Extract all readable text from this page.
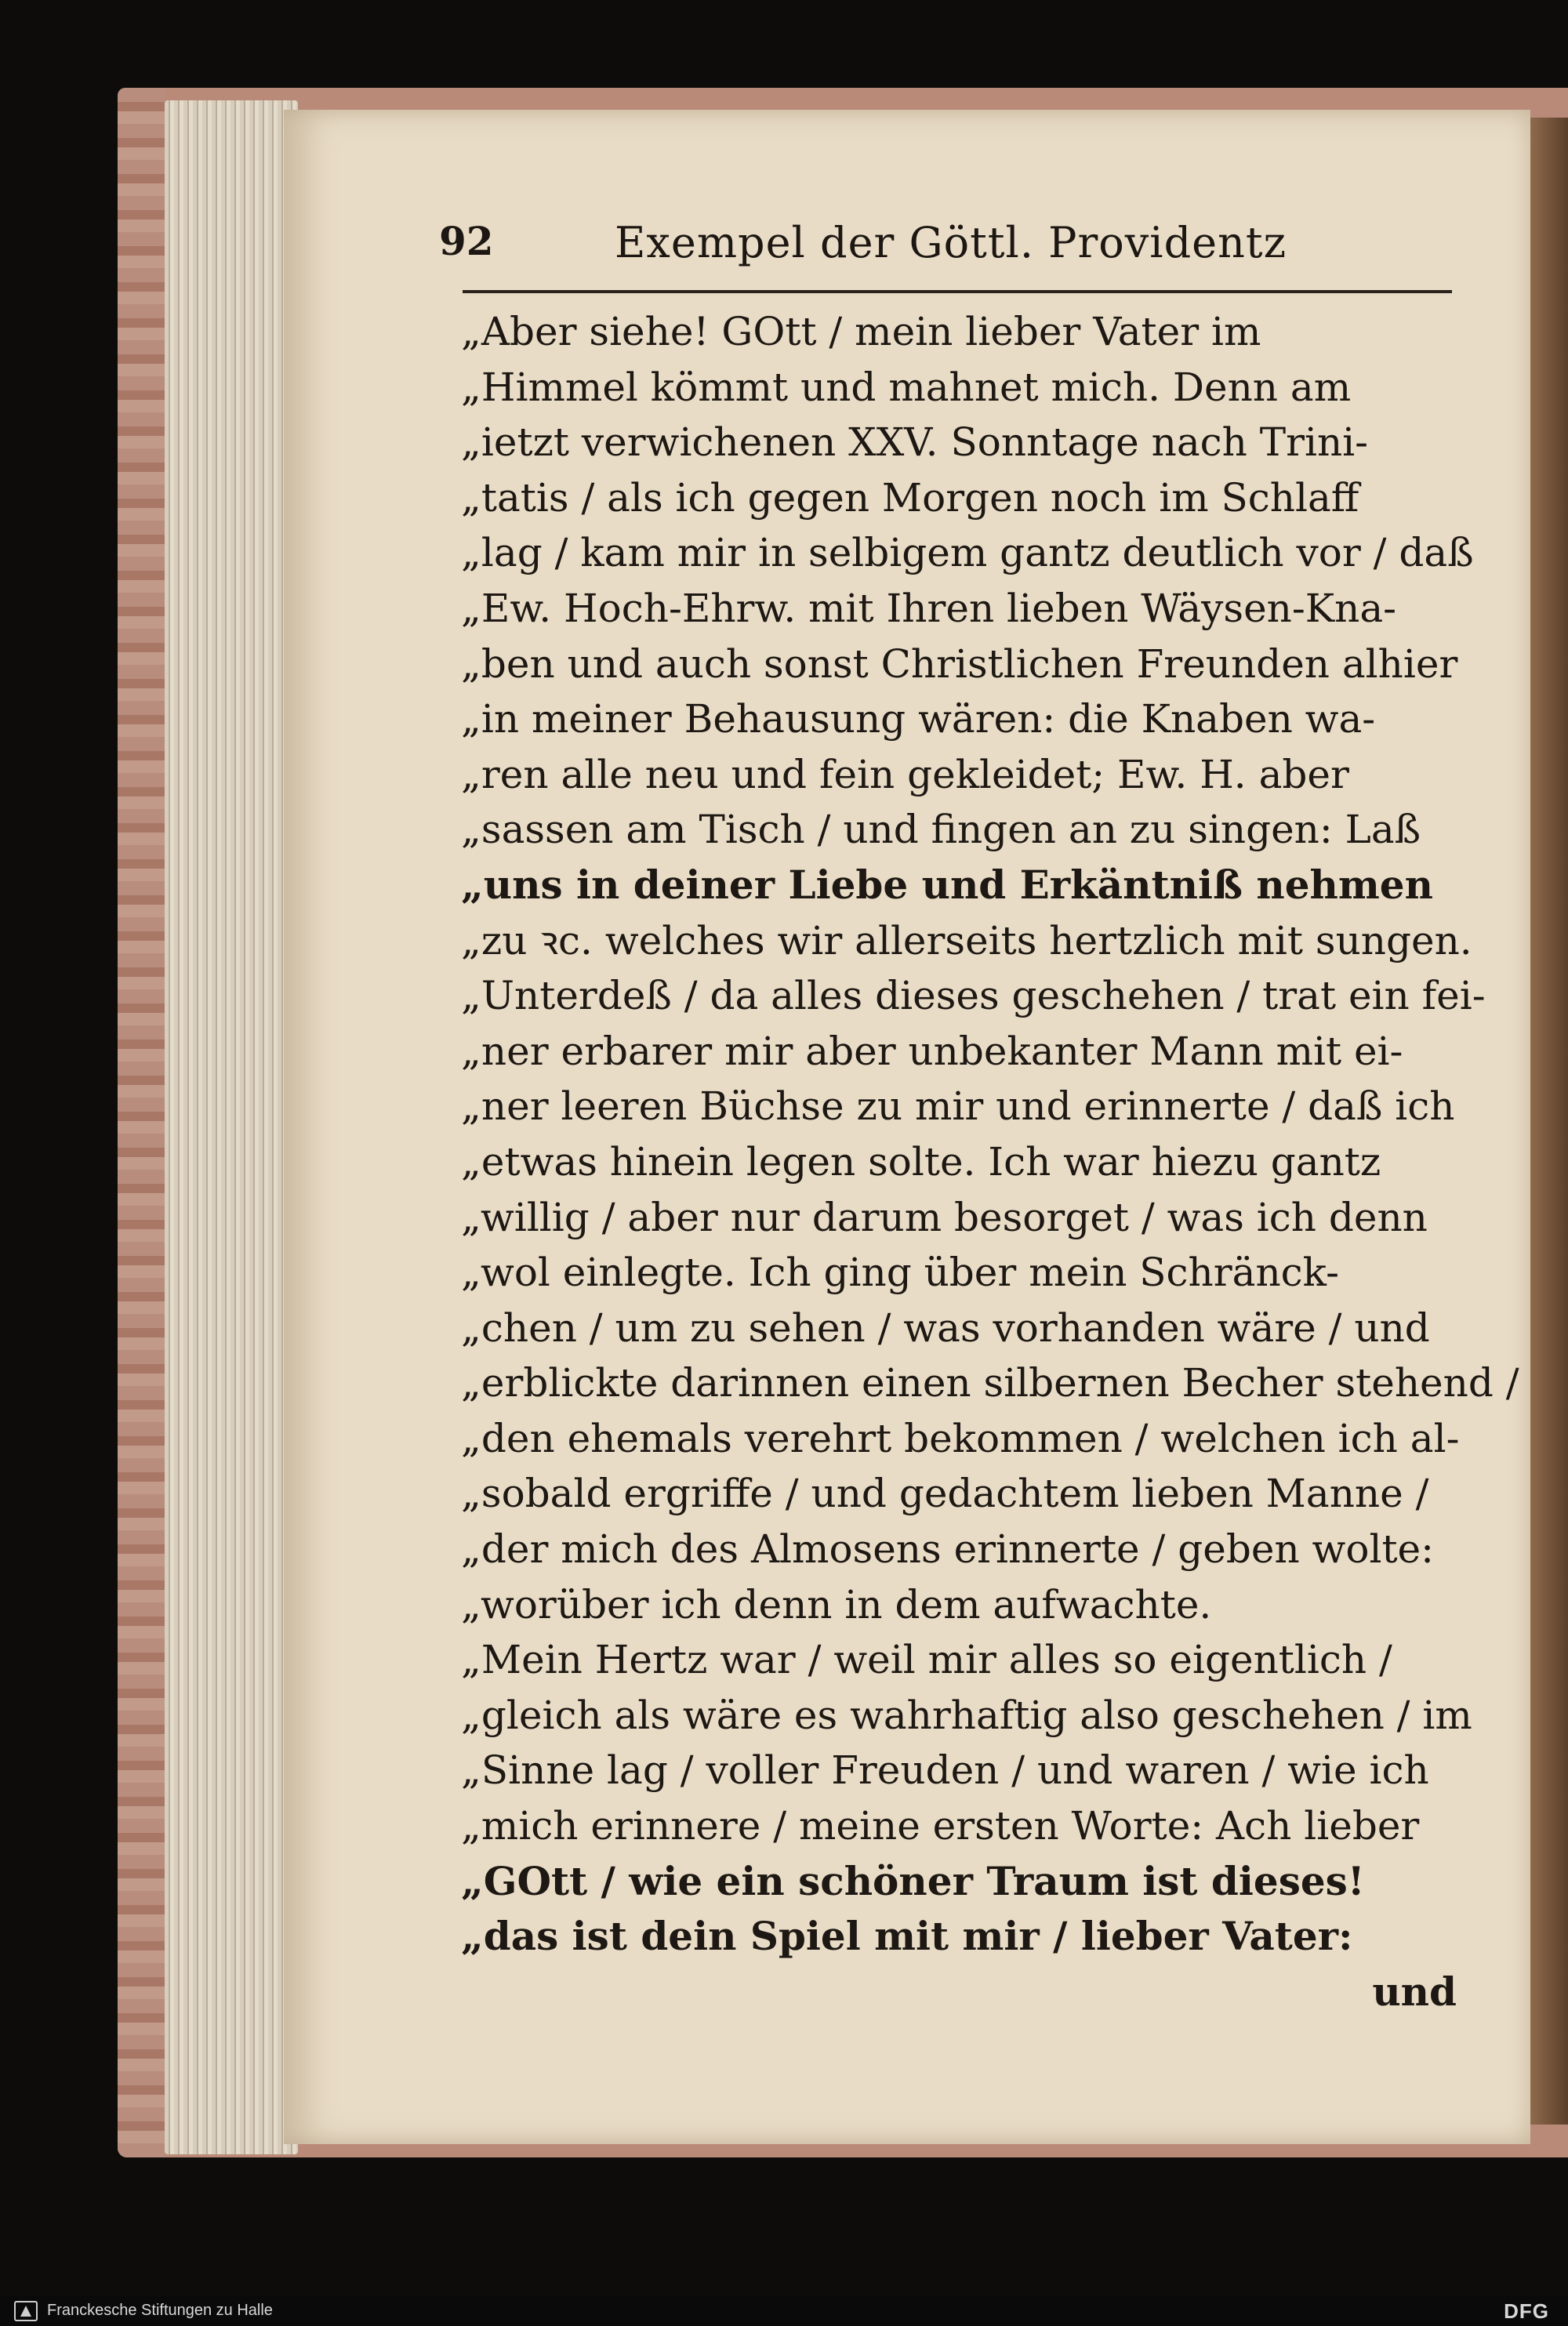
92	Exempel der Göttl. Providentz
„Aber siehe! GOtt / mein lieber Vater im
„Himmel kömmt und mahnet mich. Denn am
„ietzt verwichenen XXV. Sonntage nach Trini-
„tatis / als ich gegen Morgen noch im Schlaff
„lag / kam mir in selbigem gantz deutlich vor / daß
„Ew. Hoch-Ehrw. mit Ihren lieben Wäysen-Kna-
„ben und auch sonst Christlichen Freunden alhier
„in meiner Behausung wären: die Knaben wa-
„ren alle neu und fein gekleidet; Ew. H. aber
„sassen am Tisch / und fingen an zu singen: Laß
„uns in deiner Liebe und Erkäntniß nehmen
„zu ꝛc. welches wir allerseits hertzlich mit sungen.
„Unterdeß / da alles dieses geschehen / trat ein fei-
„ner erbarer mir aber unbekanter Mann mit ei-
„ner leeren Büchse zu mir und erinnerte / daß ich
„etwas hinein legen solte. Ich war hiezu gantz
„willig / aber nur darum besorget / was ich denn
„wol einlegte. Ich ging über mein Schränck-
„chen / um zu sehen / was vorhanden wäre / und
„erblickte darinnen einen silbernen Becher stehend /
„den ehemals verehrt bekommen / welchen ich al-
„sobald ergriffe / und gedachtem lieben Manne /
„der mich des Almosens erinnerte / geben wolte:
„worüber ich denn in dem aufwachte.
„Mein Hertz war / weil mir alles so eigentlich /
„gleich als wäre es wahrhaftig also geschehen / im
„Sinne lag / voller Freuden / und waren / wie ich
„mich erinnere / meine ersten Worte: Ach lieber
„GOtt / wie ein schöner Traum ist dieses!
„das ist dein Spiel mit mir / lieber Vater:
und
Franckesche Stiftungen zu Halle	DFG
